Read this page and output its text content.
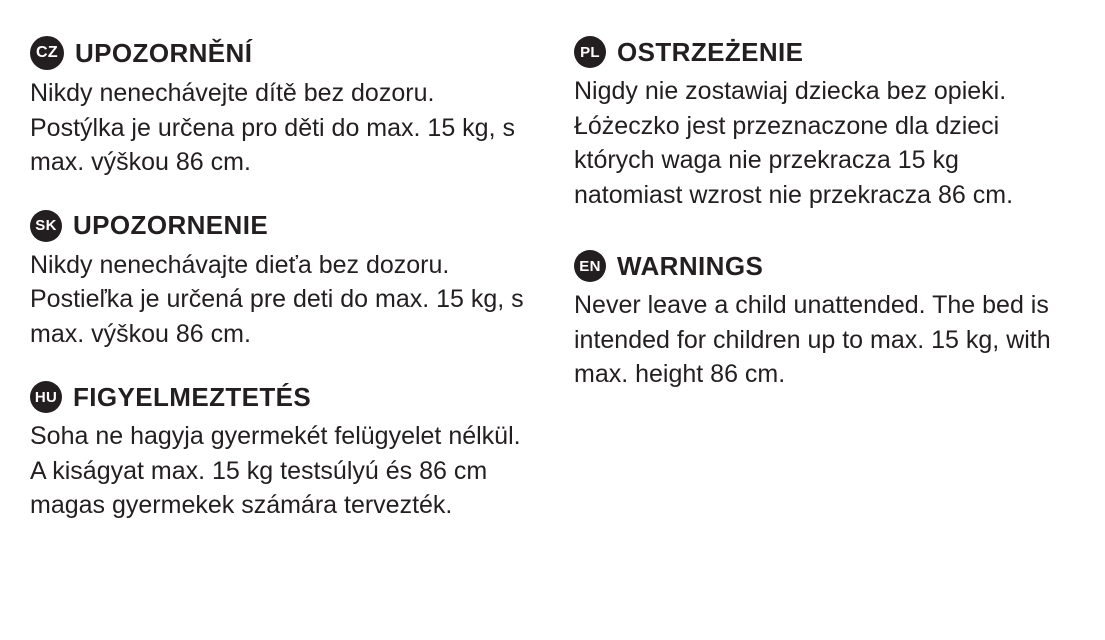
CZ UPOZORNĚNÍ

Nikdy nenechávejte dítě bez dozoru. Postýlka je určena pro děti do max. 15 kg, s max. výškou 86 cm.

SK UPOZORNENIE

Nikdy nenechávajte dieťa bez dozoru. Postieľka je určená pre deti do max. 15 kg, s max. výškou 86 cm.

HU FIGYELMEZTETÉS

Soha ne hagyja gyermekét felügyelet nélkül. A kiságyat max. 15 kg testsúlyú és 86 cm magas gyermekek számára tervezték.

PL OSTRZEŻENIE

Nigdy nie zostawiaj dziecka bez opieki. Łóżeczko jest przeznaczone dla dzieci których waga nie przekracza 15 kg natomiast wzrost nie przekracza 86 cm.

EN WARNINGS

Never leave a child unattended. The bed is intended for children up to max. 15 kg, with max. height 86 cm.
